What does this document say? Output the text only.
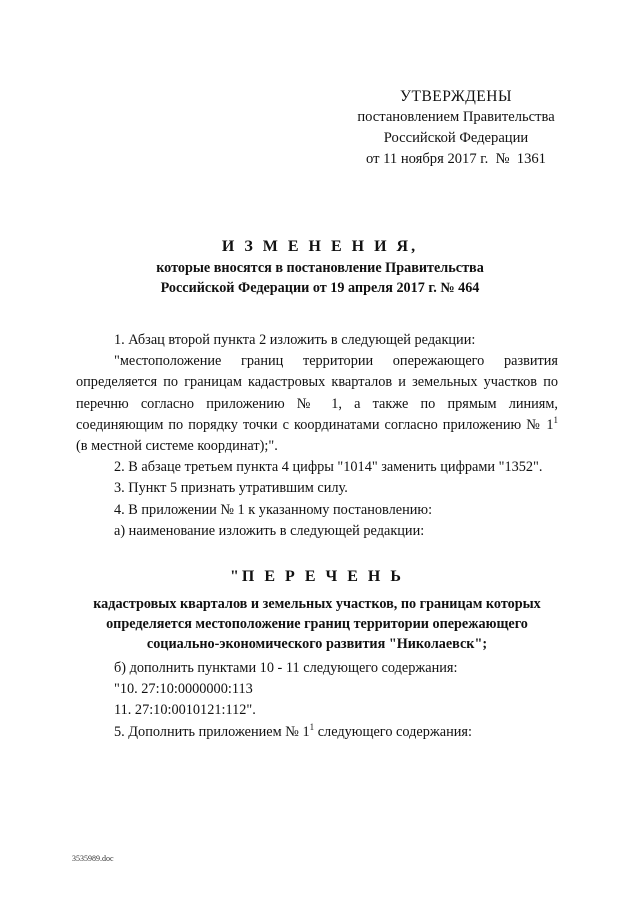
УТВЕРЖДЕНЫ
постановлением Правительства
Российской Федерации
от 11 ноября 2017 г.  №  1361
И З М Е Н Е Н И Я,
которые вносятся в постановление Правительства
Российской Федерации от 19 апреля 2017 г. № 464

1. Абзац второй пункта 2 изложить в следующей редакции:

"местоположение границ территории опережающего развития определяется по границам кадастровых кварталов и земельных участков по перечню согласно приложению № 1, а также по прямым линиям, соединяющим по порядку точки с координатами согласно приложению № $1^1$ (в местной системе координат);".

2. В абзаце третьем пункта 4 цифры "1014" заменить цифрами "1352".

3. Пункт 5 признать утратившим силу.

4. В приложении № 1 к указанному постановлению:

а) наименование изложить в следующей редакции:

"П Е Р Е Ч Е Н Ь
кадастровых кварталов и земельных участков, по границам которых определяется местоположение границ территории опережающего социально-экономического развития "Николаевск";

б) дополнить пунктами 10 - 11 следующего содержания:

"10. 27:10:0000000:113

11. 27:10:0010121:112".

5. Дополнить приложением № $1^1$ следующего содержания:

3535989.doc
